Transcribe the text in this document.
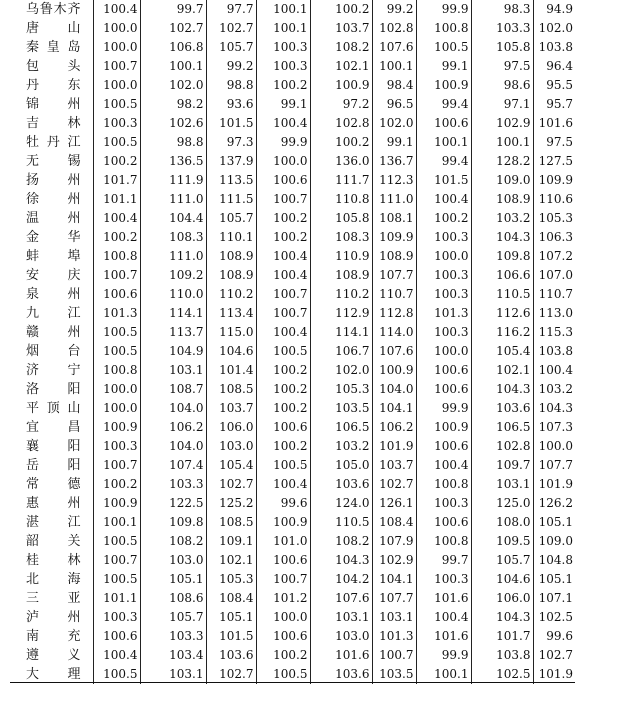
乌鲁木齐	100.4	99.7	97.7	100.1	100.2	99.2	99.9	98.3	94.9
唐　山	100.0	102.7	102.7	100.1	103.7	102.8	100.8	103.3	102.0
秦皇岛	100.0	106.8	105.7	100.3	108.2	107.6	100.5	105.8	103.8
包　头	100.7	100.1	99.2	100.3	102.1	100.1	99.1	97.5	96.4
丹　东	100.0	102.0	98.8	100.2	100.9	98.4	100.9	98.6	95.5
锦　州	100.5	98.2	93.6	99.1	97.2	96.5	99.4	97.1	95.7
吉　林	100.3	102.6	101.5	100.4	102.8	102.0	100.6	102.9	101.6
牡丹江	100.5	98.8	97.3	99.9	100.2	99.1	100.1	100.1	97.5
无　锡	100.2	136.5	137.9	100.0	136.0	136.7	99.4	128.2	127.5
扬　州	101.7	111.9	113.5	100.6	111.7	112.3	101.5	109.0	109.9
徐　州	101.1	111.0	111.5	100.7	110.8	111.0	100.4	108.9	110.6
温　州	100.4	104.4	105.7	100.2	105.8	108.1	100.2	103.2	105.3
金　华	100.2	108.3	110.1	100.2	108.3	109.9	100.3	104.3	106.3
蚌　埠	100.8	111.0	108.9	100.4	110.9	108.9	100.0	109.8	107.2
安　庆	100.7	109.2	108.9	100.4	108.9	107.7	100.3	106.6	107.0
泉　州	100.6	110.0	110.2	100.7	110.2	110.7	100.3	110.5	110.7
九　江	101.3	114.1	113.4	100.7	112.9	112.8	101.3	112.6	113.0
赣　州	100.5	113.7	115.0	100.4	114.1	114.0	100.3	116.2	115.3
烟　台	100.5	104.9	104.6	100.5	106.7	107.6	100.0	105.4	103.8
济　宁	100.8	103.1	101.4	100.2	102.0	100.9	100.6	102.1	100.4
洛　阳	100.0	108.7	108.5	100.2	105.3	104.0	100.6	104.3	103.2
平顶山	100.0	104.0	103.7	100.2	103.5	104.1	99.9	103.6	104.3
宜　昌	100.9	106.2	106.0	100.6	106.5	106.2	100.9	106.5	107.3
襄　阳	100.3	104.0	103.0	100.2	103.2	101.9	100.6	102.8	100.0
岳　阳	100.7	107.4	105.4	100.5	105.0	103.7	100.4	109.7	107.7
常　德	100.2	103.3	102.7	100.4	103.6	102.7	100.8	103.1	101.9
惠　州	100.9	122.5	125.2	99.6	124.0	126.1	100.3	125.0	126.2
湛　江	100.1	109.8	108.5	100.9	110.5	108.4	100.6	108.0	105.1
韶　关	100.5	108.2	109.1	101.0	108.2	107.9	100.8	109.5	109.0
桂　林	100.7	103.0	102.1	100.6	104.3	102.9	99.7	105.7	104.8
北　海	100.5	105.1	105.3	100.7	104.2	104.1	100.3	104.6	105.1
三　亚	101.1	108.6	108.4	101.2	107.6	107.7	101.6	106.0	107.1
泸　州	100.3	105.7	105.1	100.0	103.1	103.1	100.4	104.3	102.5
南　充	100.6	103.3	101.5	100.6	103.0	101.3	101.6	101.7	99.6
遵　义	100.4	103.4	103.6	100.2	101.6	100.7	99.9	103.8	102.7
大　理	100.5	103.1	102.7	100.5	103.6	103.5	100.1	102.5	101.9
